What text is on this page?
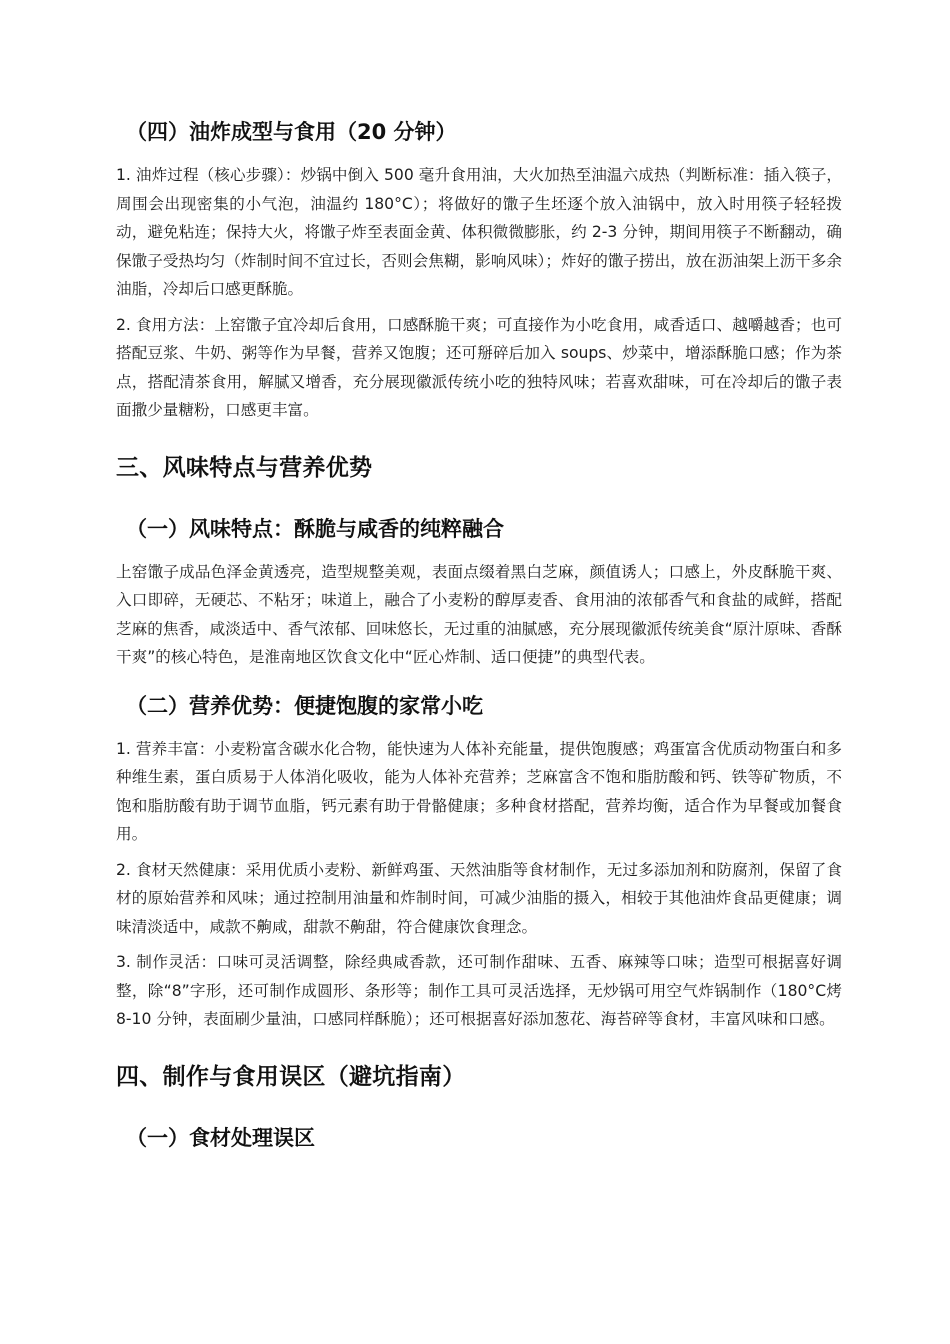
（四）油炸成型与食用（20 分钟）

1. 油炸过程（核心步骤）：炒锅中倒入 500 毫升食用油，大火加热至油温六成热（判断标准：插入筷子，周围会出现密集的小气泡，油温约 180°C）；将做好的馓子生坯逐个放入油锅中，放入时用筷子轻轻拨动，避免粘连；保持大火，将馓子炸至表面金黄、体积微微膨胀，约 2-3 分钟，期间用筷子不断翻动，确保馓子受热均匀（炸制时间不宜过长，否则会焦糊，影响风味）；炸好的馓子捞出，放在沥油架上沥干多余油脂，冷却后口感更酥脆。

2. 食用方法：上窑馓子宜冷却后食用，口感酥脆干爽；可直接作为小吃食用，咸香适口、越嚼越香；也可搭配豆浆、牛奶、粥等作为早餐，营养又饱腹；还可掰碎后加入 soups、炒菜中，增添酥脆口感；作为茶点，搭配清茶食用，解腻又增香，充分展现徽派传统小吃的独特风味；若喜欢甜味，可在冷却后的馓子表面撒少量糖粉，口感更丰富。

三、风味特点与营养优势
（一）风味特点：酥脆与咸香的纯粹融合

上窑馓子成品色泽金黄透亮，造型规整美观，表面点缀着黑白芝麻，颜值诱人；口感上，外皮酥脆干爽、入口即碎，无硬芯、不粘牙；味道上，融合了小麦粉的醇厚麦香、食用油的浓郁香气和食盐的咸鲜，搭配芝麻的焦香，咸淡适中、香气浓郁、回味悠长，无过重的油腻感，充分展现徽派传统美食“原汁原味、香酥干爽”的核心特色，是淮南地区饮食文化中“匠心炸制、适口便捷”的典型代表。

（二）营养优势：便捷饱腹的家常小吃

1. 营养丰富：小麦粉富含碳水化合物，能快速为人体补充能量，提供饱腹感；鸡蛋富含优质动物蛋白和多种维生素，蛋白质易于人体消化吸收，能为人体补充营养；芝麻富含不饱和脂肪酸和钙、铁等矿物质，不饱和脂肪酸有助于调节血脂，钙元素有助于骨骼健康；多种食材搭配，营养均衡，适合作为早餐或加餐食用。

2. 食材天然健康：采用优质小麦粉、新鲜鸡蛋、天然油脂等食材制作，无过多添加剂和防腐剂，保留了食材的原始营养和风味；通过控制用油量和炸制时间，可减少油脂的摄入，相较于其他油炸食品更健康；调味清淡适中，咸款不齁咸，甜款不齁甜，符合健康饮食理念。

3. 制作灵活：口味可灵活调整，除经典咸香款，还可制作甜味、五香、麻辣等口味；造型可根据喜好调整，除“8”字形，还可制作成圆形、条形等；制作工具可灵活选择，无炒锅可用空气炸锅制作（180°C烤 8-10 分钟，表面刷少量油，口感同样酥脆）；还可根据喜好添加葱花、海苔碎等食材，丰富风味和口感。

四、制作与食用误区（避坑指南）
（一）食材处理误区
